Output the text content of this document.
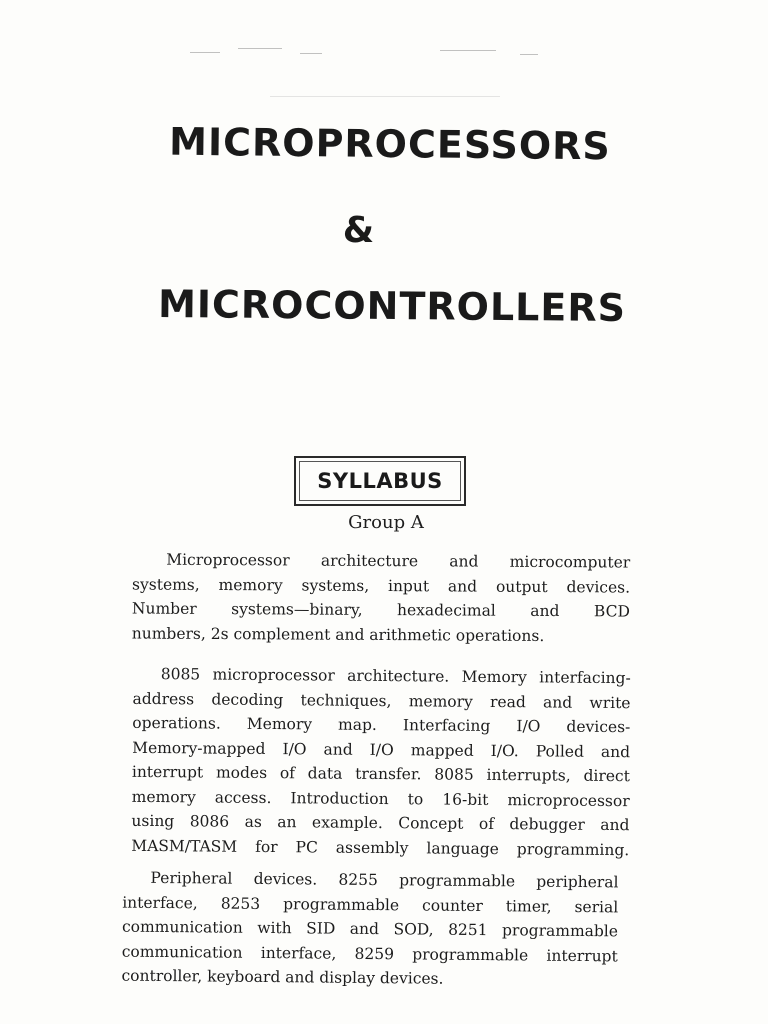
MICROPROCESSORS
&
MICROCONTROLLERS
SYLLABUS
Group A
Microprocessor architecture and microcomputer
systems, memory systems, input and output devices.
Number systems—binary, hexadecimal and BCD
numbers, 2s complement and arithmetic operations.
8085 microprocessor architecture. Memory interfacing-
address decoding techniques, memory read and write
operations. Memory map. Interfacing I/O devices-
Memory-mapped I/O and I/O mapped I/O. Polled and
interrupt modes of data transfer. 8085 interrupts, direct
memory access. Introduction to 16-bit microprocessor
using 8086 as an example. Concept of debugger and
MASM/TASM for PC assembly language programming.
Peripheral devices. 8255 programmable peripheral
interface, 8253 programmable counter timer, serial
communication with SID and SOD, 8251 programmable
communication interface, 8259 programmable interrupt
controller, keyboard and display devices.
